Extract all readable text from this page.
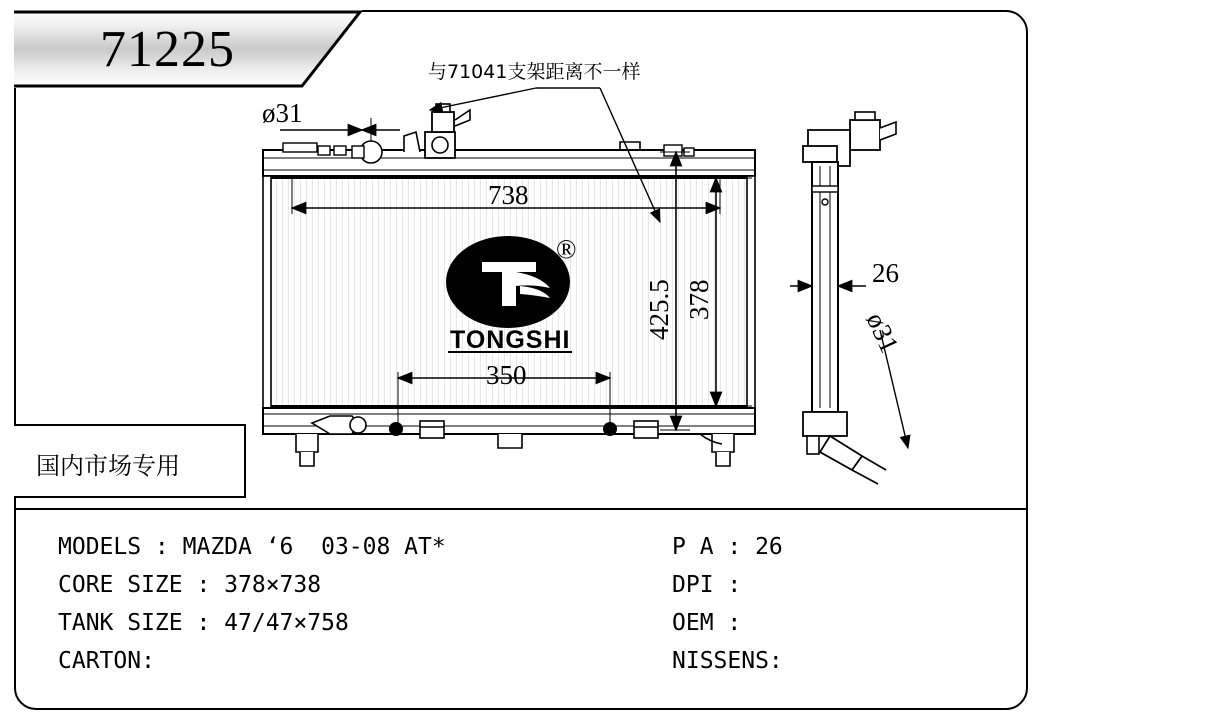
71225
国内市场专用
MODELS : MAZDA ‘6  03-08 AT*
CORE SIZE : 378×738
TANK SIZE : 47/47×758
CARTON:
P A : 26
DPI :
OEM :
NISSENS:
®
TONGSHI
738
425.5 378
350
ø31
与71041支架距离不一样
26
ø31
